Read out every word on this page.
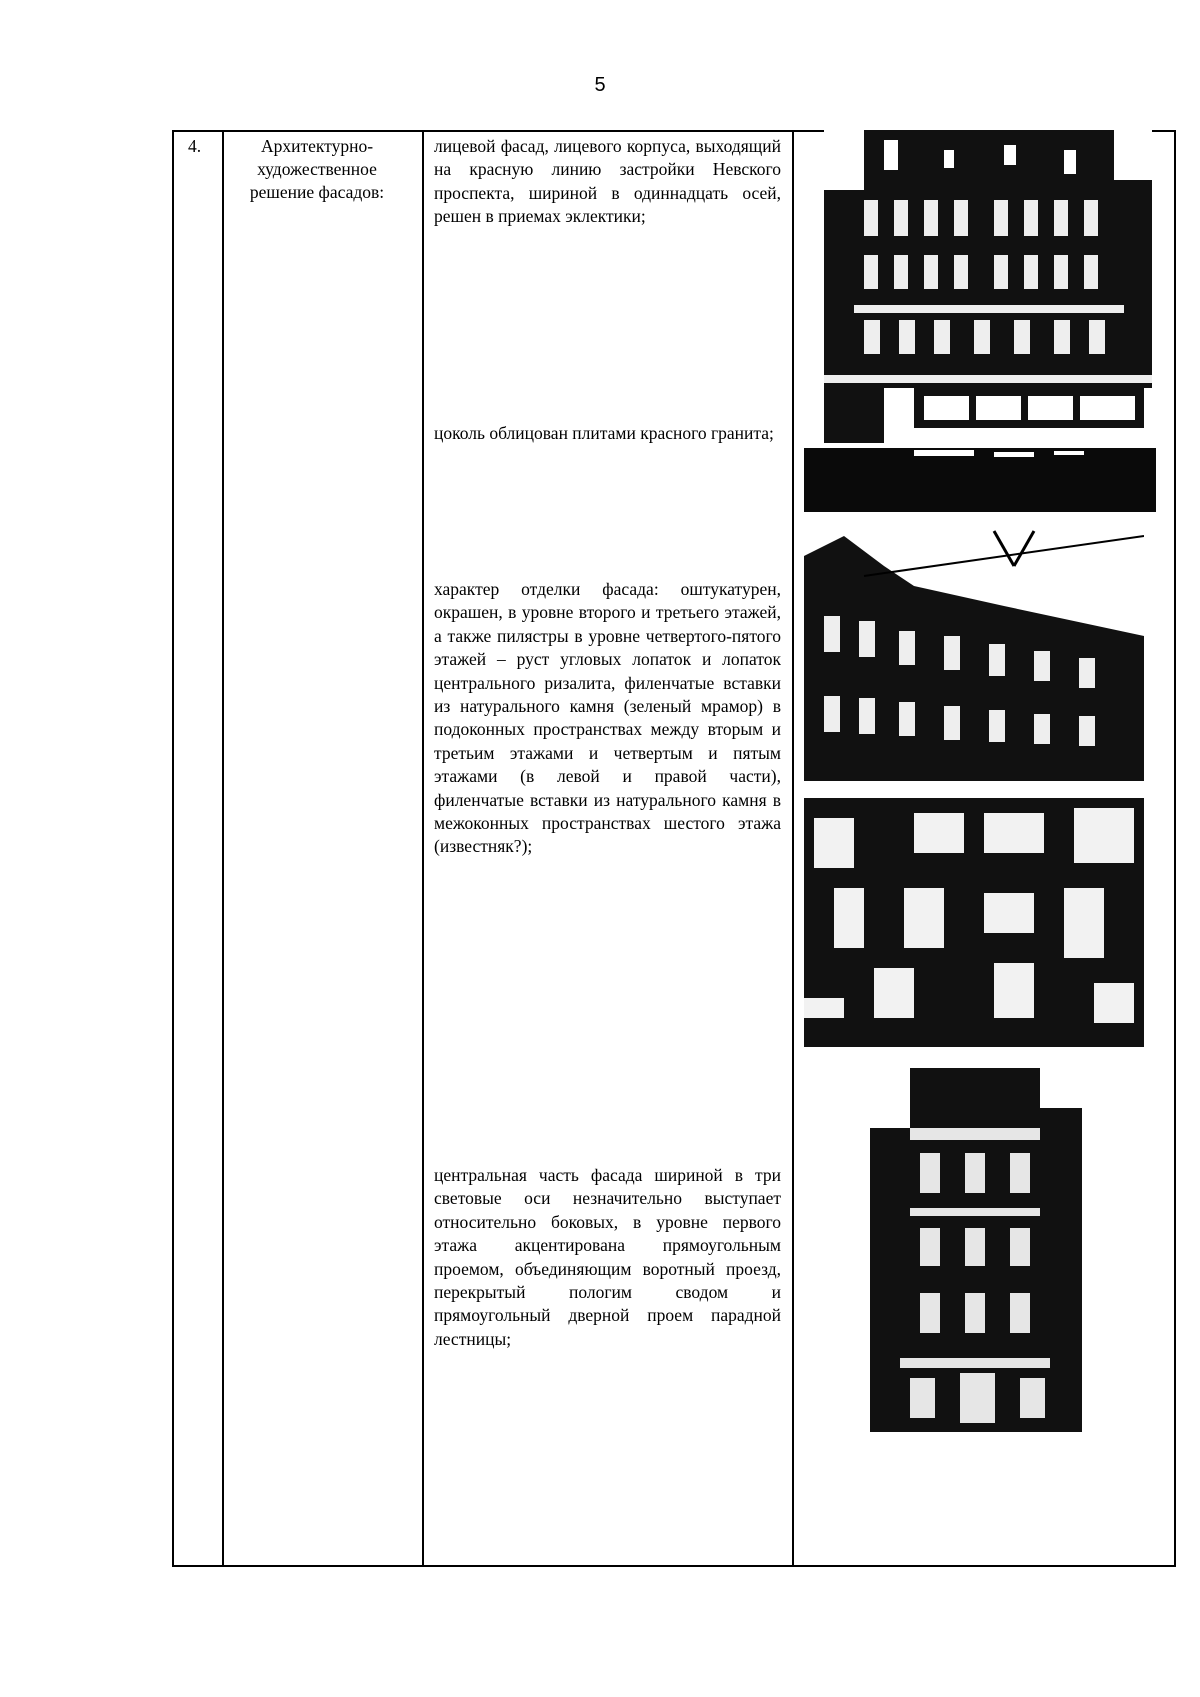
5
4.	Архитектурно-художественное решение фасадов:
лицевой фасад, лицевого корпуса, выходящий на красную линию застройки Невского проспекта, шириной в одиннадцать осей, решен в приемах эклектики;
цоколь облицован плитами красного гранита;
характер отделки фасада: оштукатурен, окрашен, в уровне второго и третьего этажей, а также пилястры в уровне четвертого-пятого этажей – руст угловых лопаток и лопаток центрального ризалита, филенчатые вставки из натурального камня (зеленый мрамор) в подоконных пространствах между вторым и третьим этажами и четвертым и пятым этажами (в левой и правой части), филенчатые вставки из натурального камня в межоконных пространствах шестого этажа (известняк?);
центральная часть фасада шириной в три световые оси незначительно выступает относительно боковых, в уровне первого этажа акцентирована прямоугольным проемом, объединяющим воротный проезд, перекрытый пологим сводом и прямоугольный дверной проем парадной лестницы;
